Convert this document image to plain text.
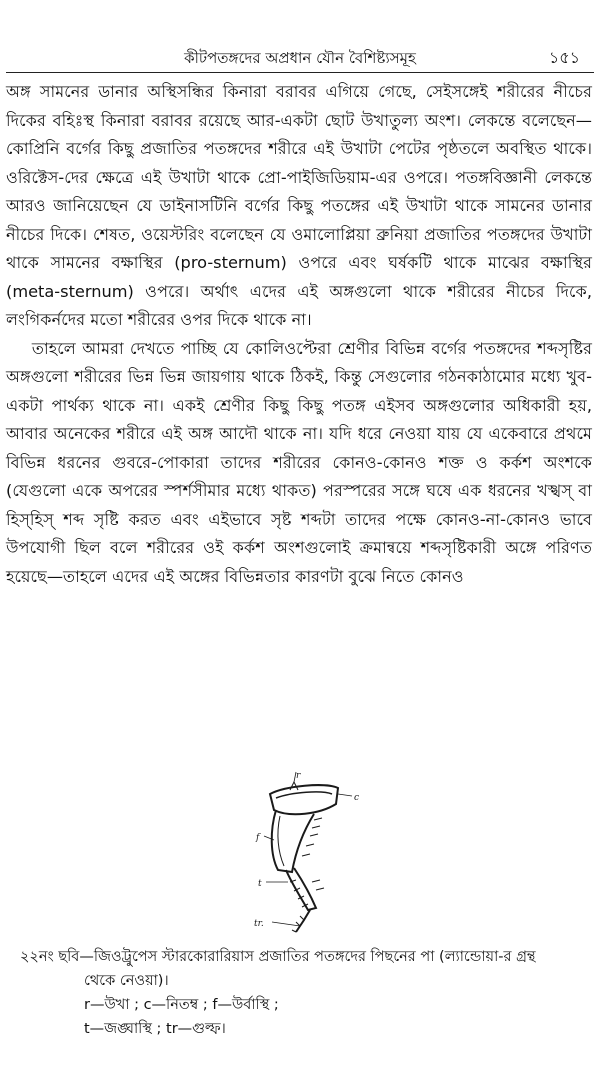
কীটপতঙ্গদের অপ্রধান যৌন বৈশিষ্ট্যসমূহ	১৫১

অঙ্গ সামনের ডানার অস্থিসন্ধির কিনারা বরাবর এগিয়ে গেছে, সেইসঙ্গেই শরীরের নীচের দিকের বহিঃস্থ কিনারা বরাবর রয়েছে আর-একটা ছোট উখাতুল্য অংশ। লেকন্তে বলেছেন—কোপ্রিনি বর্গের কিছু প্রজাতির পতঙ্গদের শরীরে এই উখাটা পেটের পৃষ্ঠতলে অবস্থিত থাকে। ওরিক্টেস-দের ক্ষেত্রে এই উখাটা থাকে প্রো-পাইজিডিয়াম-এর ওপরে। পতঙ্গবিজ্ঞানী লেকন্তে আরও জানিয়েছেন যে ডাইনাসটিনি বর্গের কিছু পতঙ্গের এই উখাটা থাকে সামনের ডানার নীচের দিকে। শেষত, ওয়েস্টরিং বলেছেন যে ওমালোপ্লিয়া ব্রুনিয়া প্রজাতির পতঙ্গদের উখাটা থাকে সামনের বক্ষাস্থির (pro-sternum) ওপরে এবং ঘর্ষকটি থাকে মাঝের বক্ষাস্থির (meta-sternum) ওপরে। অর্থাৎ এদের এই অঙ্গগুলো থাকে শরীরের নীচের দিকে, লংগিকর্নদের মতো শরীরের ওপর দিকে থাকে না।

তাহলে আমরা দেখতে পাচ্ছি যে কোলিওপ্টেরা শ্রেণীর বিভিন্ন বর্গের পতঙ্গদের শব্দসৃষ্টির অঙ্গগুলো শরীরের ভিন্ন ভিন্ন জায়গায় থাকে ঠিকই, কিন্তু সেগুলোর গঠনকাঠামোর মধ্যে খুব-একটা পার্থক্য থাকে না। একই শ্রেণীর কিছু কিছু পতঙ্গ এইসব অঙ্গগুলোর অধিকারী হয়, আবার অনেকের শরীরে এই অঙ্গ আদৌ থাকে না। যদি ধরে নেওয়া যায় যে একেবারে প্রথমে বিভিন্ন ধরনের গুবরে-পোকারা তাদের শরীরের কোনও-কোনও শক্ত ও কর্কশ অংশকে (যেগুলো একে অপরের স্পর্শসীমার মধ্যে থাকত) পরস্পরের সঙ্গে ঘষে এক ধরনের খস্খস্ বা হিস্‌হিস্ শব্দ সৃষ্টি করত এবং এইভাবে সৃষ্ট শব্দটা তাদের পক্ষে কোনও-না-কোনও ভাবে উপযোগী ছিল বলে শরীরের ওই কর্কশ অংশগুলোই ক্রমান্বয়ে শব্দসৃষ্টিকারী অঙ্গে পরিণত হয়েছে—তাহলে এদের এই অঙ্গের বিভিন্নতার কারণটা বুঝে নিতে কোনও

r
c
f
t
tr.

২২নং ছবি—জিওট্রুপেস স্টারকোরারিয়াস প্রজাতির পতঙ্গদের পিছনের পা (ল্যান্ডোয়া-র গ্রন্থ

থেকে নেওয়া)।

r—উখা ; c—নিতম্ব ; f—উর্বাস্থি ;
t—জঙ্ঘাস্থি ; tr—গুল্ফ।
